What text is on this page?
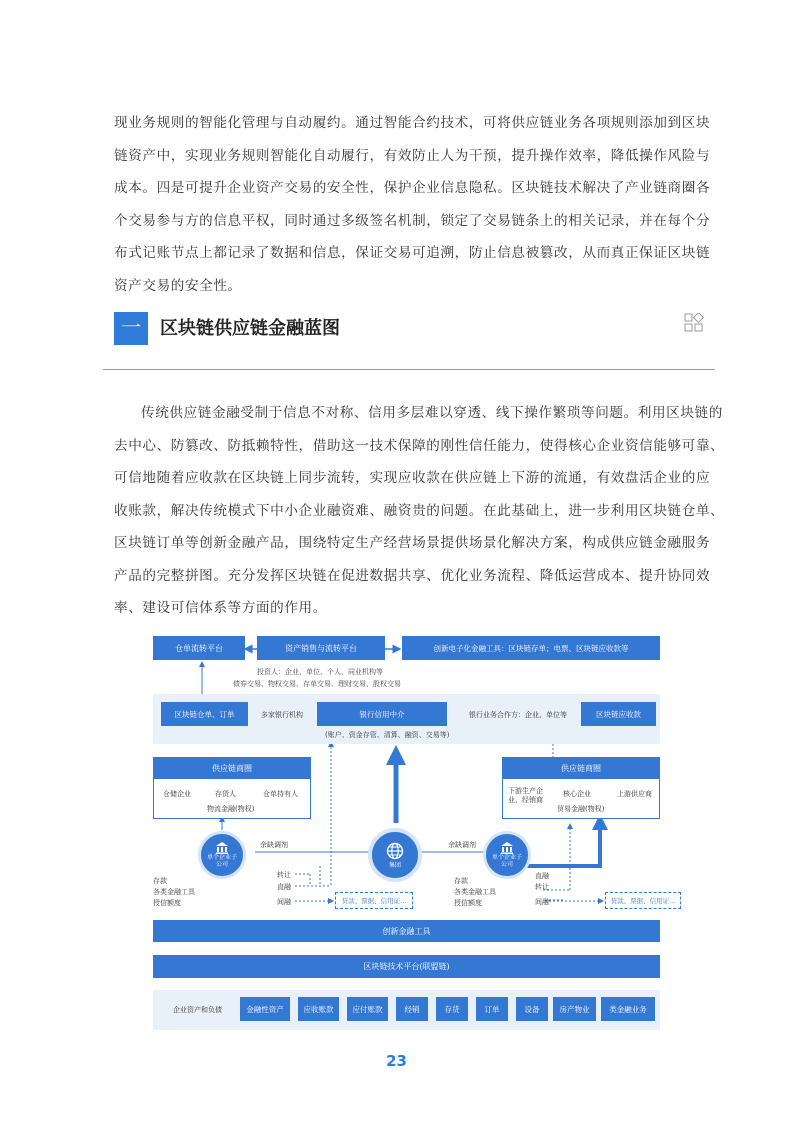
现业务规则的智能化管理与自动履约。通过智能合约技术，可将供应链业务各项规则添加到区块
链资产中，实现业务规则智能化自动履行，有效防止人为干预，提升操作效率，降低操作风险与
成本。四是可提升企业资产交易的安全性，保护企业信息隐私。区块链技术解决了产业链商圈各
个交易参与方的信息平权，同时通过多级签名机制，锁定了交易链条上的相关记录，并在每个分
布式记账节点上都记录了数据和信息，保证交易可追溯，防止信息被篡改，从而真正保证区块链
资产交易的安全性。
一	区块链供应链金融蓝图
传统供应链金融受制于信息不对称、信用多层难以穿透、线下操作繁琐等问题。利用区块链的
去中心、防篡改、防抵赖特性，借助这一技术保障的刚性信任能力，使得核心企业资信能够可靠、
可信地随着应收款在区块链上同步流转，实现应收款在供应链上下游的流通，有效盘活企业的应
收账款，解决传统模式下中小企业融资难、融资贵的问题。在此基础上，进一步利用区块链仓单、
区块链订单等创新金融产品，围绕特定生产经营场景提供场景化解决方案，构成供应链金融服务
产品的完整拼图。充分发挥区块链在促进数据共享、优化业务流程、降低运营成本、提升协同效
率、建设可信体系等方面的作用。
仓单流转平台	资产销售与流转平台	创新电子化金融工具：区块链存单；电票、区块链应收款等
投资人：企业、单位、个人、同业机构等
债券交易、物权交易、存单交易、理财交易、股权交易
区块链仓单、订单	多家银行机构	银行信用中介	银行业务合作方：企业、单位等	区块链应收款
(账户、资金存管、清算、融资、交易等)
供应链商圈
仓储企业	存货人	仓单持有人
物流金融(物权)
供应链商圈
下游生产企业、经销商
核心企业	上游供应商
贸易金融(物权)
单个企业子公司
单个企业子公司
集团
余缺调剂	余缺调剂
存款
各类金融工具
授信额度
转让
直融
间融	贷款、票据、信用证...
存款
各类金融工具
授信额度
直融
转让
间融	贷款、票据、信用证...
创新金融工具
区块链技术平台(联盟链)
企业资产和负债	金融性资产	应收账款	应付账款	经销	存货	订单	设备	房产物业	类金融业务
23
